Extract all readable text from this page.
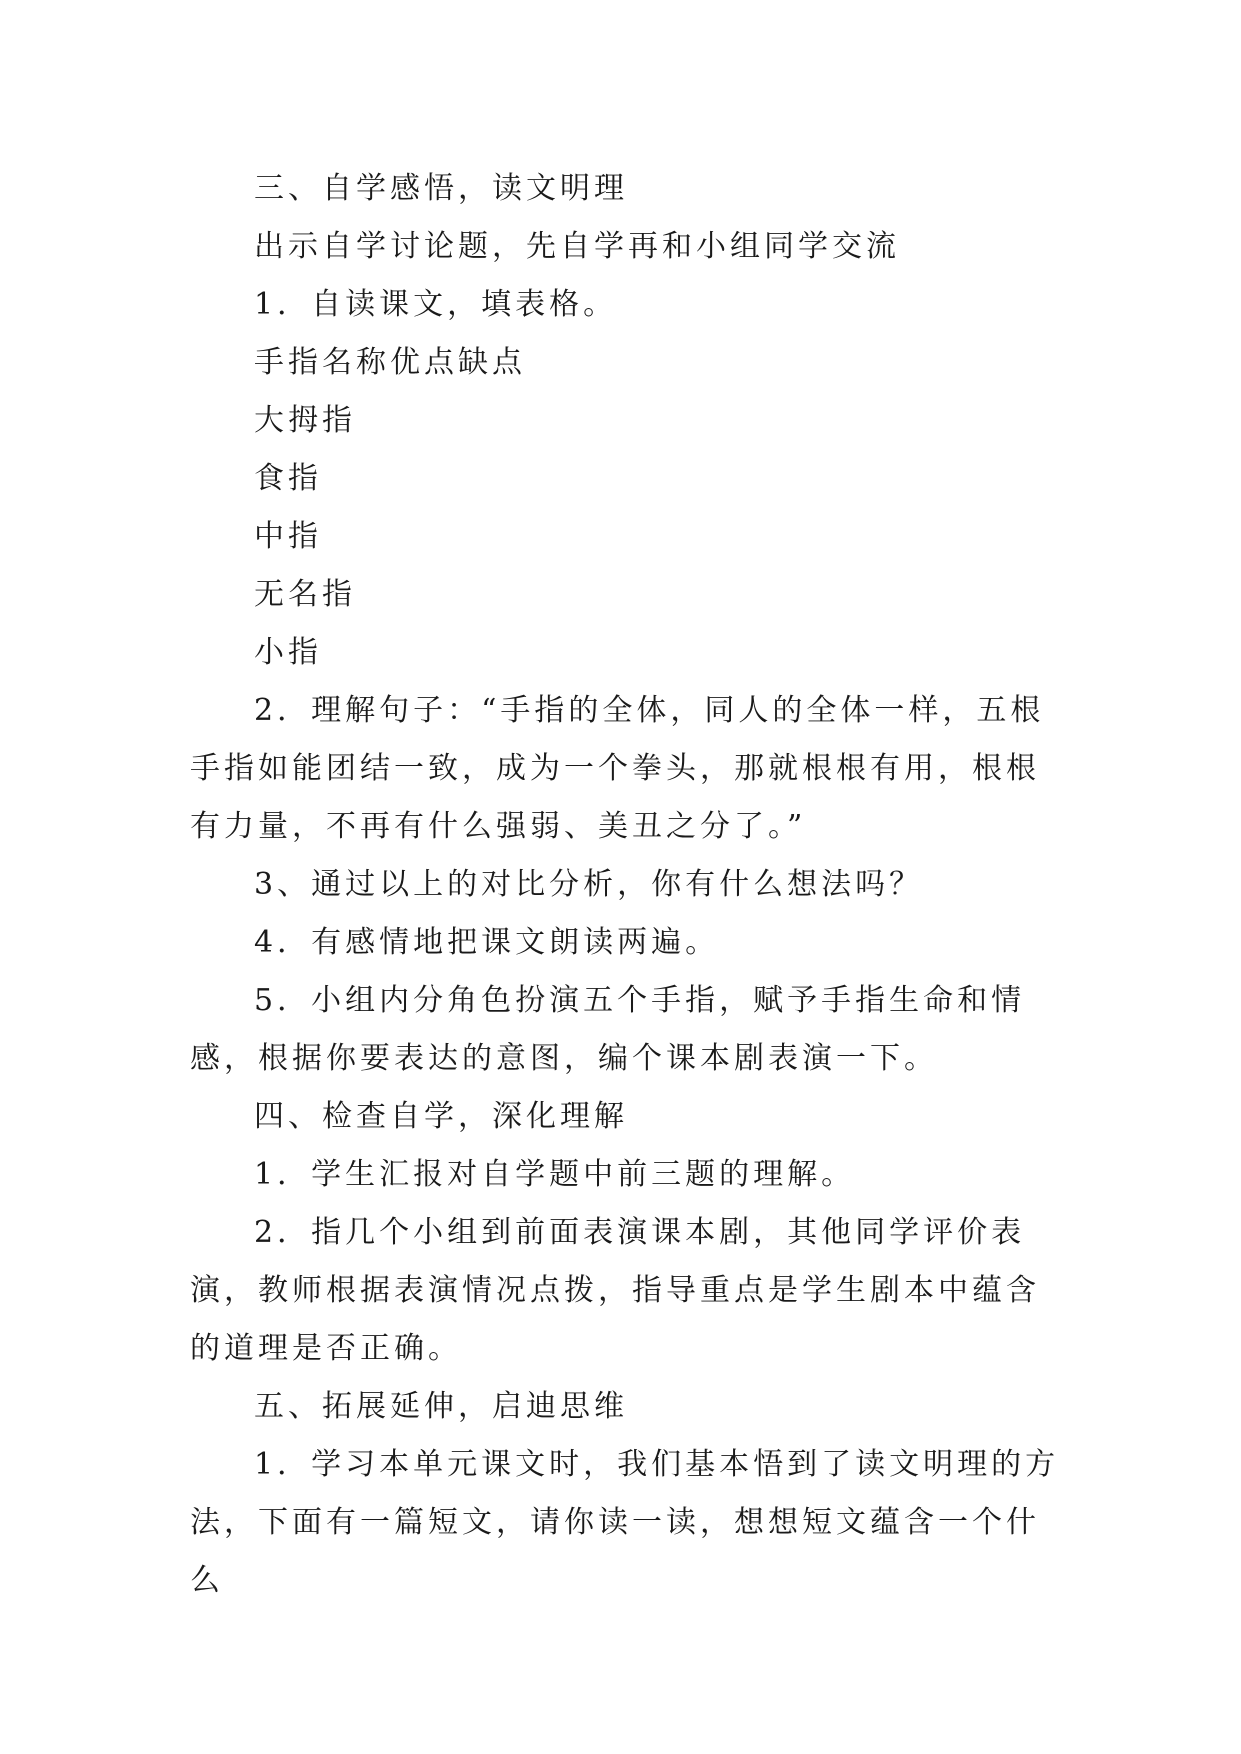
三、自学感悟，读文明理

出示自学讨论题，先自学再和小组同学交流

1．自读课文，填表格。

手指名称优点缺点

大拇指

食指

中指

无名指

小指

2．理解句子：“手指的全体，同人的全体一样，五根手指如能团结一致，成为一个拳头，那就根根有用，根根有力量，不再有什么强弱、美丑之分了。”

3、通过以上的对比分析，你有什么想法吗？

4．有感情地把课文朗读两遍。

5．小组内分角色扮演五个手指，赋予手指生命和情感，根据你要表达的意图，编个课本剧表演一下。

四、检查自学，深化理解

1．学生汇报对自学题中前三题的理解。

2．指几个小组到前面表演课本剧，其他同学评价表演，教师根据表演情况点拨，指导重点是学生剧本中蕴含的道理是否正确。

五、拓展延伸，启迪思维

1．学习本单元课文时，我们基本悟到了读文明理的方法，下面有一篇短文，请你读一读，想想短文蕴含一个什么
